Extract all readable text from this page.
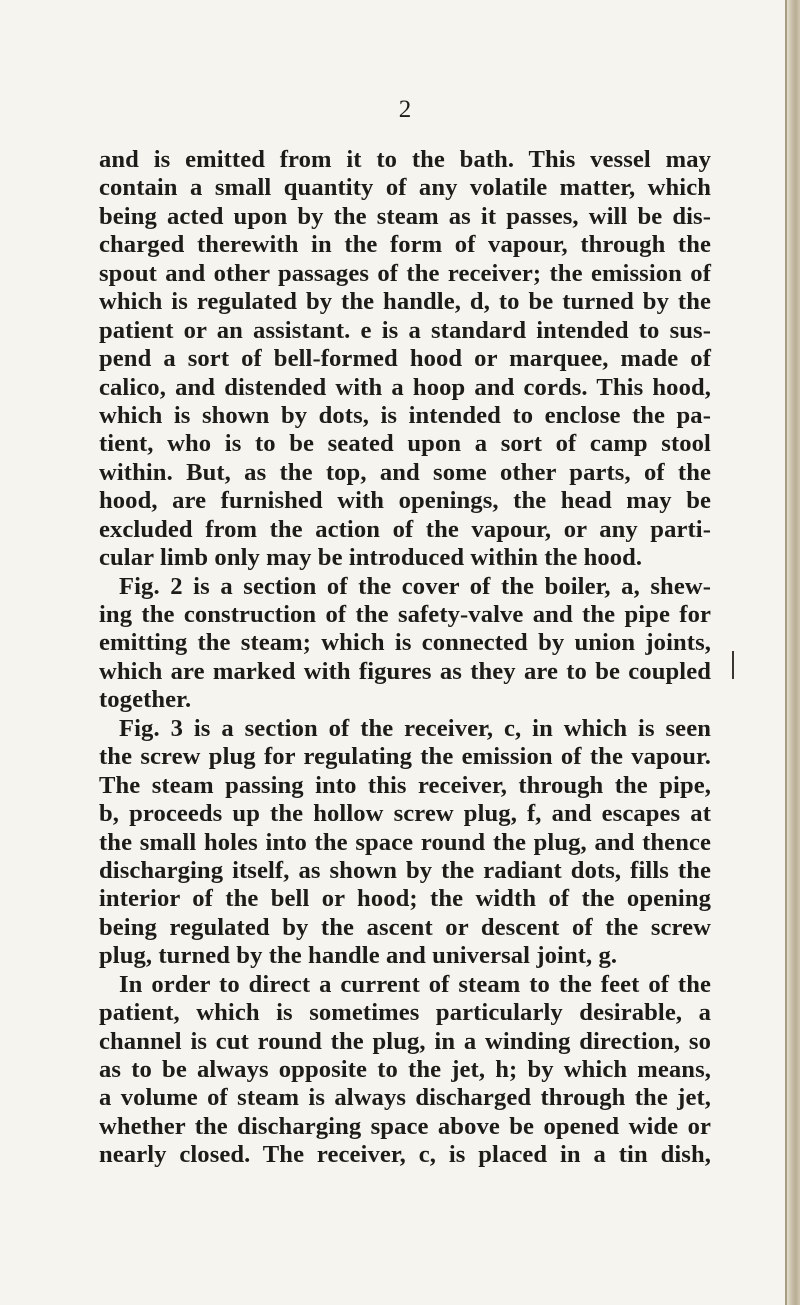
2
and is emitted from it to the bath. This vessel may
contain a small quantity of any volatile matter, which
being acted upon by the steam as it passes, will be dis-
charged therewith in the form of vapour, through the
spout and other passages of the receiver; the emission of
which is regulated by the handle, d, to be turned by the
patient or an assistant. e is a standard intended to sus-
pend a sort of bell-formed hood or marquee, made of
calico, and distended with a hoop and cords. This hood,
which is shown by dots, is intended to enclose the pa-
tient, who is to be seated upon a sort of camp stool
within. But, as the top, and some other parts, of the
hood, are furnished with openings, the head may be
excluded from the action of the vapour, or any parti-
cular limb only may be introduced within the hood.
Fig. 2 is a section of the cover of the boiler, a, shew-
ing the construction of the safety-valve and the pipe for
emitting the steam; which is connected by union joints,
which are marked with figures as they are to be coupled
together.
Fig. 3 is a section of the receiver, c, in which is seen
the screw plug for regulating the emission of the vapour.
The steam passing into this receiver, through the pipe,
b, proceeds up the hollow screw plug, f, and escapes at
the small holes into the space round the plug, and thence
discharging itself, as shown by the radiant dots, fills the
interior of the bell or hood; the width of the opening
being regulated by the ascent or descent of the screw
plug, turned by the handle and universal joint, g.
In order to direct a current of steam to the feet of the
patient, which is sometimes particularly desirable, a
channel is cut round the plug, in a winding direction, so
as to be always opposite to the jet, h; by which means,
a volume of steam is always discharged through the jet,
whether the discharging space above be opened wide or
nearly closed. The receiver, c, is placed in a tin dish,
